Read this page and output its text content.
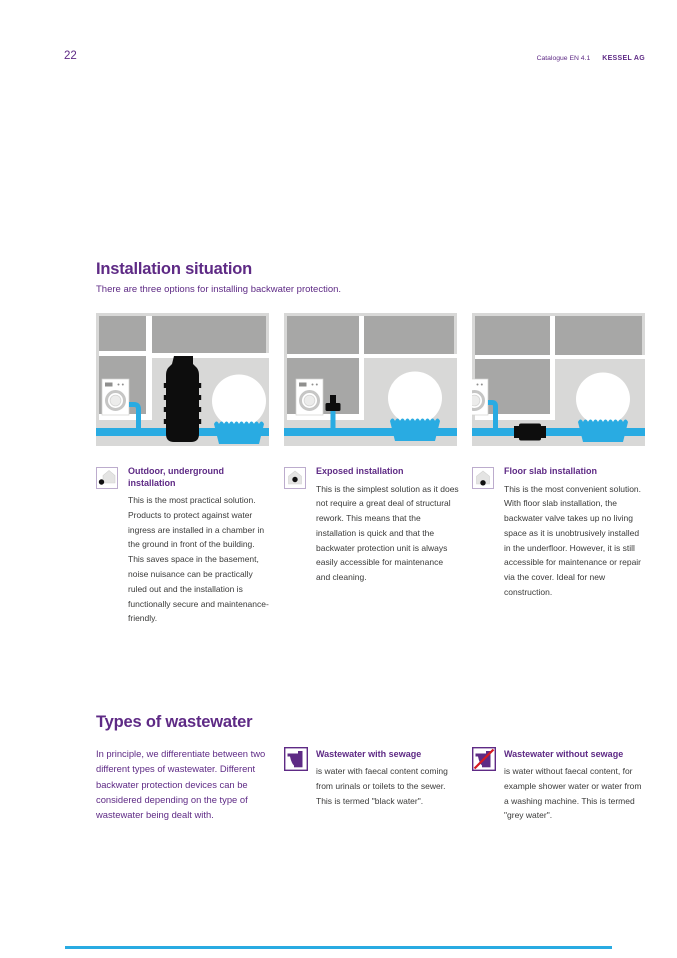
22	Catalogue EN 4.1 KESSEL AG
Installation situation

There are three options for installing backwater protection.

Outdoor, underground installation

This is the most practical solution. Products to protect against water ingress are installed in a chamber in the ground in front of the building. This saves space in the basement, noise nuisance can be practically ruled out and the installation is functionally secure and maintenance-friendly.

Exposed installation

This is the simplest solution as it does not require a great deal of structural rework. This means that the installation is quick and that the backwater protection unit is always easily accessible for maintenance and cleaning.

Floor slab installation

This is the most convenient solution. With floor slab installation, the backwater valve takes up no living space as it is unobtrusively installed in the underfloor. However, it is still accessible for maintenance or repair via the cover. Ideal for new construction.

Types of wastewater

In principle, we differentiate between two different types of wastewater. Different backwater protection devices can be considered depending on the type of wastewater being dealt with.

Wastewater with sewage

is water with faecal content coming from urinals or toilets to the sewer. This is termed "black water".

Wastewater without sewage

is water without faecal content, for example shower water or water from a washing machine. This is termed "grey water".
